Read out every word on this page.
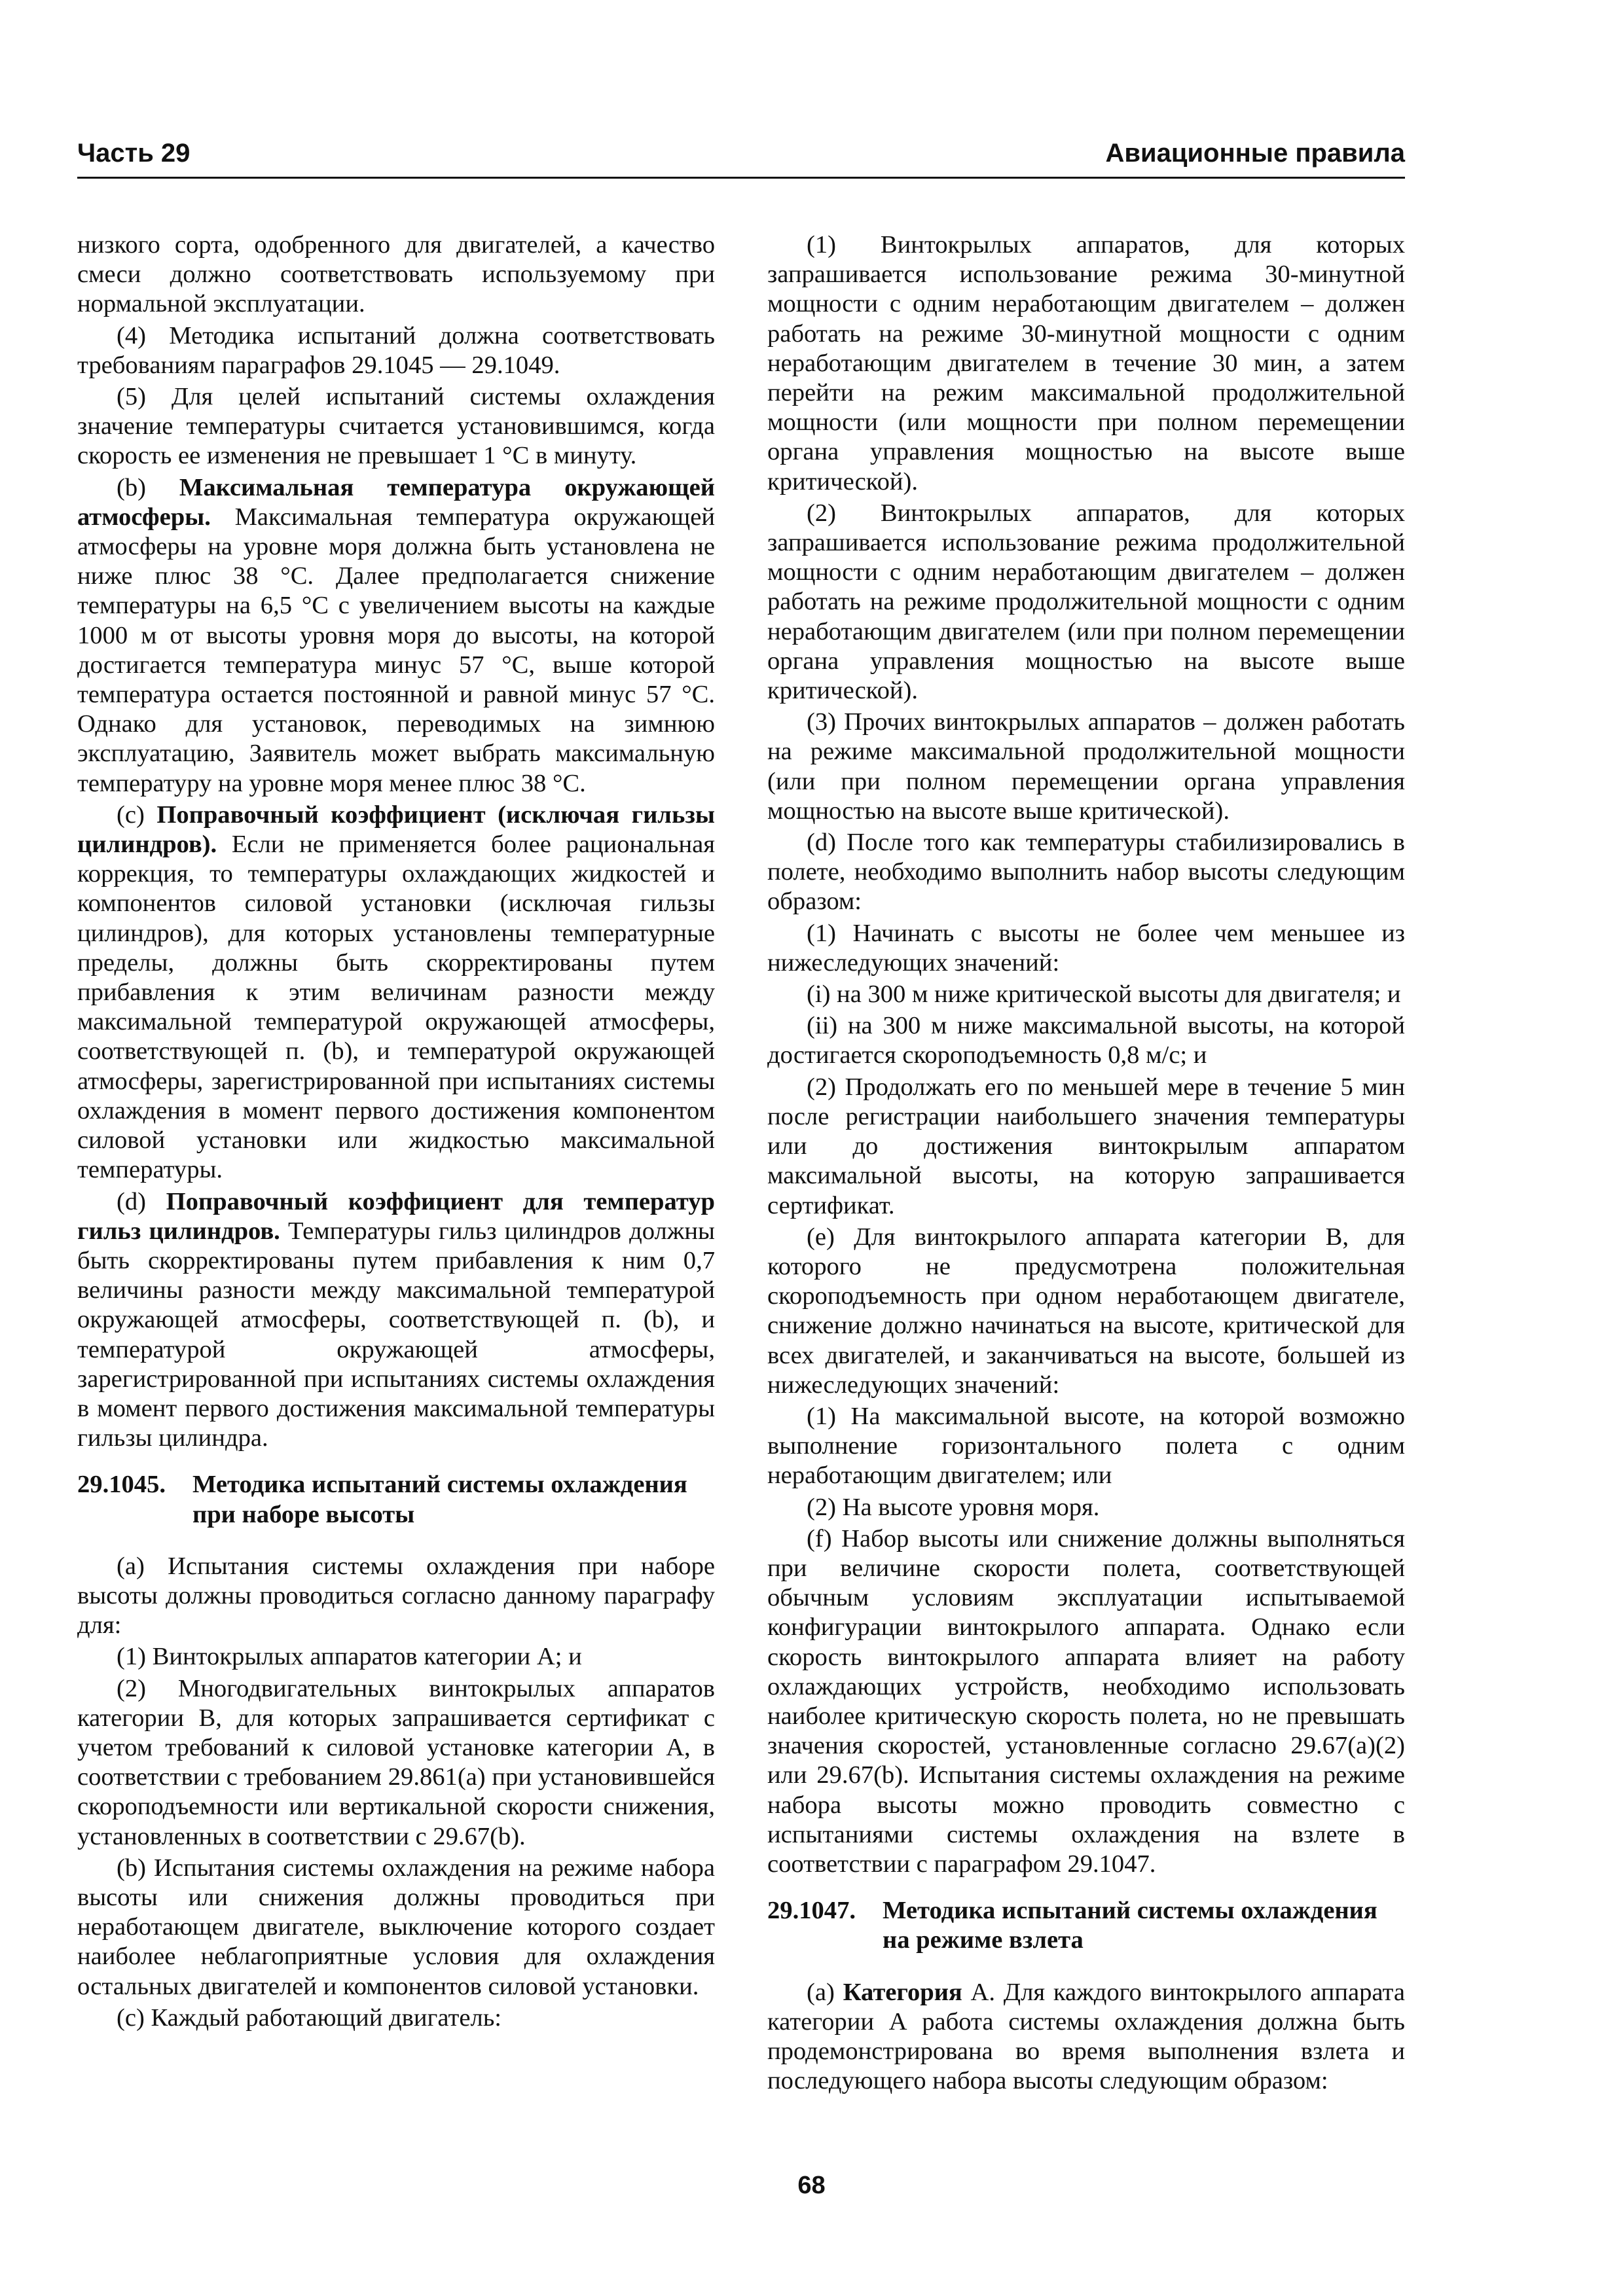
Часть 29	Авиационные правила

низкого сорта, одобренного для двигателей, а качество смеси должно соответствовать используемому при нормальной эксплуатации.

(4) Методика испытаний должна соответствовать требованиям параграфов 29.1045 — 29.1049.

(5) Для целей испытаний системы охлаждения значение температуры считается установившимся, когда скорость ее изменения не превышает 1 °С в минуту.

(b) Максимальная температура окружающей атмосферы. Максимальная температура окружающей атмосферы на уровне моря должна быть установлена не ниже плюс 38 °С. Далее предполагается снижение температуры на 6,5 °С с увеличением высоты на каждые 1000 м от высоты уровня моря до высоты, на которой достигается температура минус 57 °С, выше которой температура остается постоянной и равной минус 57 °С. Однако для установок, переводимых на зимнюю эксплуатацию, Заявитель может выбрать максимальную температуру на уровне моря менее плюс 38 °С.

(с) Поправочный коэффициент (исключая гильзы цилиндров). Если не применяется более рациональная коррекция, то температуры охлаждающих жидкостей и компонентов силовой установки (исключая гильзы цилиндров), для которых установлены температурные пределы, должны быть скорректированы путем прибавления к этим величинам разности между максимальной температурой окружающей атмосферы, соответствующей п. (b), и температурой окружающей атмосферы, зарегистрированной при испытаниях системы охлаждения в момент первого достижения компонентом силовой установки или жидкостью максимальной температуры.

(d) Поправочный коэффициент для температур гильз цилиндров. Температуры гильз цилиндров должны быть скорректированы путем прибавления к ним 0,7 величины разности между максимальной температурой окружающей атмосферы, соответствующей п. (b), и температурой окружающей атмосферы, зарегистрированной при испытаниях системы охлаждения в момент первого достижения максимальной температуры гильзы цилиндра.

29.1045.	Методика испытаний системы охлаждения при наборе высоты

(а) Испытания системы охлаждения при наборе высоты должны проводиться согласно данному параграфу для:

(1) Винтокрылых аппаратов категории А; и

(2) Многодвигательных винтокрылых аппаратов категории В, для которых запрашивается сертификат с учетом требований к силовой установке категории А, в соответствии с требованием 29.861(а) при установившейся скороподъемности или вертикальной скорости снижения, установленных в соответствии с 29.67(b).

(b) Испытания системы охлаждения на режиме набора высоты или снижения должны проводиться при неработающем двигателе, выключение которого создает наиболее неблагоприятные условия для охлаждения остальных двигателей и компонентов силовой установки.

(с) Каждый работающий двигатель:

(1) Винтокрылых аппаратов, для которых запрашивается использование режима 30-минутной мощности с одним неработающим двигателем – должен работать на режиме 30-минутной мощности с одним неработающим двигателем в течение 30 мин, а затем перейти на режим максимальной продолжительной мощности (или мощности при полном перемещении органа управления мощностью на высоте выше критической).

(2) Винтокрылых аппаратов, для которых запрашивается использование режима продолжительной мощности с одним неработающим двигателем – должен работать на режиме продолжительной мощности с одним неработающим двигателем (или при полном перемещении органа управления мощностью на высоте выше критической).

(3) Прочих винтокрылых аппаратов – должен работать на режиме максимальной продолжительной мощности (или при полном перемещении органа управления мощностью на высоте выше критической).

(d) После того как температуры стабилизировались в полете, необходимо выполнить набор высоты следующим образом:

(1) Начинать с высоты не более чем меньшее из нижеследующих значений:

(i) на 300 м ниже критической высоты для двигателя; и

(ii) на 300 м ниже максимальной высоты, на которой достигается скороподъемность 0,8 м/с; и

(2) Продолжать его по меньшей мере в течение 5 мин после регистрации наибольшего значения температуры или до достижения винтокрылым аппаратом максимальной высоты, на которую запрашивается сертификат.

(е) Для винтокрылого аппарата категории В, для которого не предусмотрена положительная скороподъемность при одном неработающем двигателе, снижение должно начинаться на высоте, критической для всех двигателей, и заканчиваться на высоте, большей из нижеследующих значений:

(1) На максимальной высоте, на которой возможно выполнение горизонтального полета с одним неработающим двигателем; или

(2) На высоте уровня моря.

(f) Набор высоты или снижение должны выполняться при величине скорости полета, соответствующей обычным условиям эксплуатации испытываемой конфигурации винтокрылого аппарата. Однако если скорость винтокрылого аппарата влияет на работу охлаждающих устройств, необходимо использовать наиболее критическую скорость полета, но не превышать значения скоростей, установленные согласно 29.67(а)(2) или 29.67(b). Испытания системы охлаждения на режиме набора высоты можно проводить совместно с испытаниями системы охлаждения на взлете в соответствии с параграфом 29.1047.

29.1047.	Методика испытаний системы охлаждения на режиме взлета

(а) Категория А. Для каждого винтокрылого аппарата категории А работа системы охлаждения должна быть продемонстрирована во время выполнения взлета и последующего набора высоты следующим образом:

68
